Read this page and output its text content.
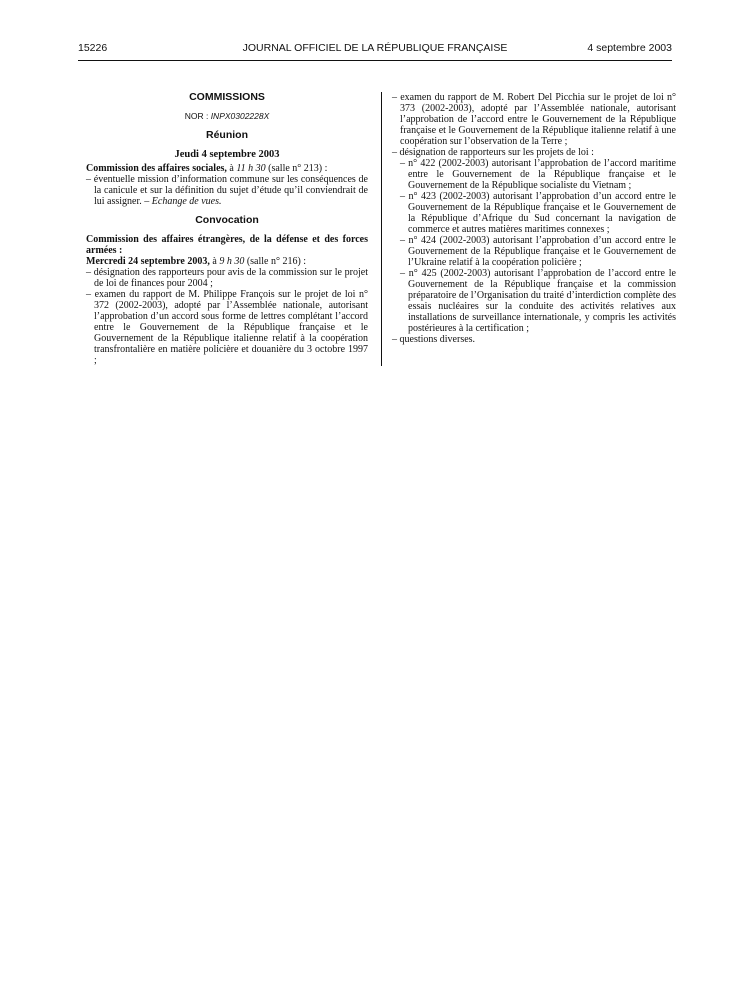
15226	JOURNAL OFFICIEL DE LA RÉPUBLIQUE FRANÇAISE	4 septembre 2003
COMMISSIONS
NOR : INPX0302228X
Réunion
Jeudi 4 septembre 2003

Commission des affaires sociales, à 11 h 30 (salle n° 213) :

– éventuelle mission d’information commune sur les conséquences de la canicule et sur la définition du sujet d’étude qu’il conviendrait de lui assigner. – Echange de vues.

Convocation

Commission des affaires étrangères, de la défense et des forces armées :

Mercredi 24 septembre 2003, à 9 h 30 (salle n° 216) :

– désignation des rapporteurs pour avis de la commission sur le projet de loi de finances pour 2004 ;

– examen du rapport de M. Philippe François sur le projet de loi n° 372 (2002-2003), adopté par l’Assemblée nationale, autorisant l’approbation d’un accord sous forme de lettres complétant l’accord entre le Gouvernement de la République française et le Gouvernement de la République italienne relatif à la coopération transfrontalière en matière policière et douanière du 3 octobre 1997 ;

– examen du rapport de M. Robert Del Picchia sur le projet de loi n° 373 (2002-2003), adopté par l’Assemblée nationale, autorisant l’approbation de l’accord entre le Gouvernement de la République française et le Gouvernement de la République italienne relatif à une coopération sur l’observation de la Terre ;

– désignation de rapporteurs sur les projets de loi :

– n° 422 (2002-2003) autorisant l’approbation de l’accord maritime entre le Gouvernement de la République française et le Gouvernement de la République socialiste du Vietnam ;

– n° 423 (2002-2003) autorisant l’approbation d’un accord entre le Gouvernement de la République française et le Gouvernement de la République d’Afrique du Sud concernant la navigation de commerce et autres matières maritimes connexes ;

– n° 424 (2002-2003) autorisant l’approbation d’un accord entre le Gouvernement de la République française et le Gouvernement de l’Ukraine relatif à la coopération policière ;

– n° 425 (2002-2003) autorisant l’approbation de l’accord entre le Gouvernement de la République française et la commission préparatoire de l’Organisation du traité d’interdiction complète des essais nucléaires sur la conduite des activités relatives aux installations de surveillance internationale, y compris les activités postérieures à la certification ;

– questions diverses.
